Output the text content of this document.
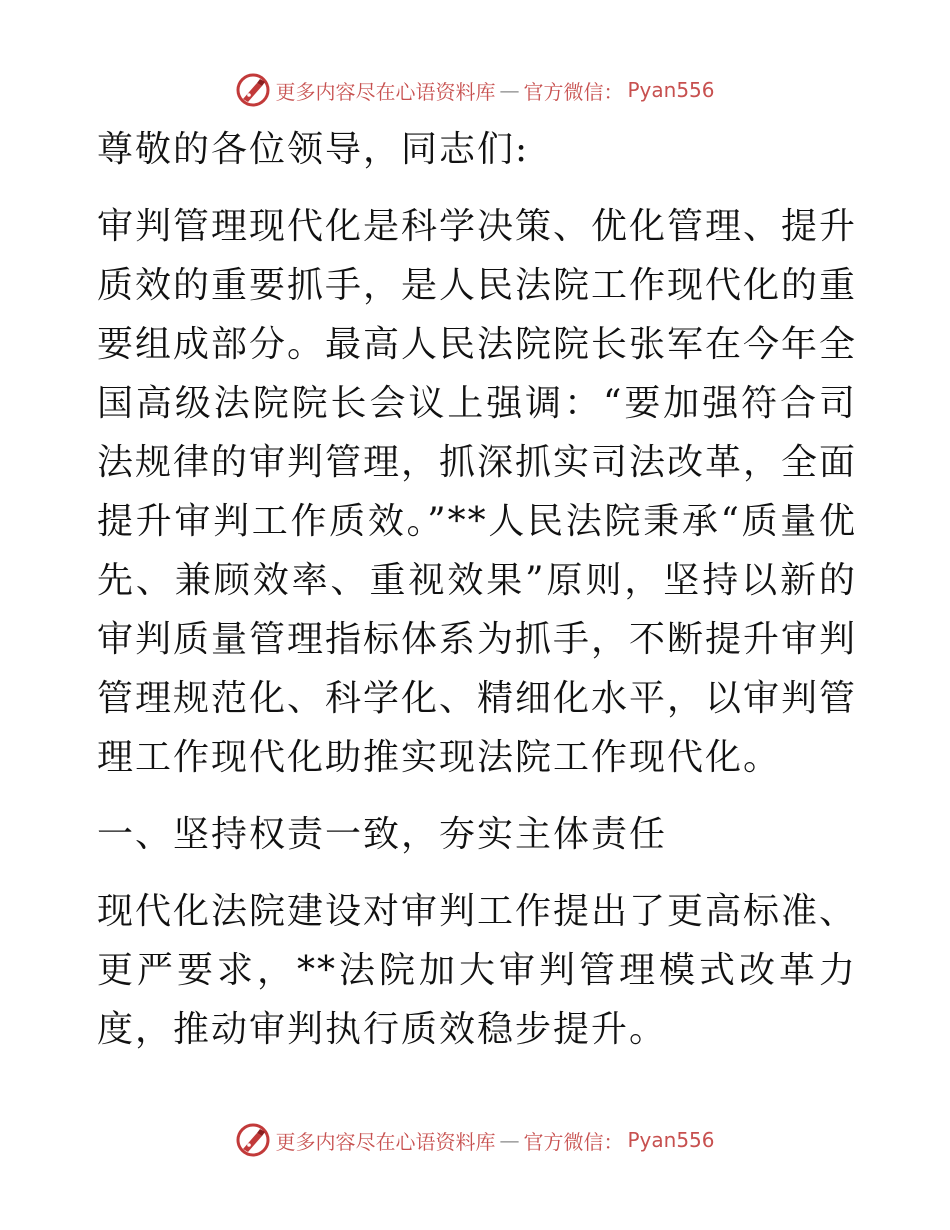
更多内容尽在心语资料库 — 官方微信： Pyan556

尊敬的各位领导，同志们:

审判管理现代化是科学决策、优化管理、提升质效的重要抓手，是人民法院工作现代化的重要组成部分。最高人民法院院长张军在今年全国高级法院院长会议上强调：“要加强符合司法规律的审判管理，抓深抓实司法改革，全面提升审判工作质效。”**人民法院秉承“质量优先、兼顾效率、重视效果”原则，坚持以新的审判质量管理指标体系为抓手，不断提升审判管理规范化、科学化、精细化水平，以审判管理工作现代化助推实现法院工作现代化。

一、坚持权责一致，夯实主体责任

现代化法院建设对审判工作提出了更高标准、更严要求，**法院加大审判管理模式改革力度，推动审判执行质效稳步提升。

更多内容尽在心语资料库 — 官方微信： Pyan556
